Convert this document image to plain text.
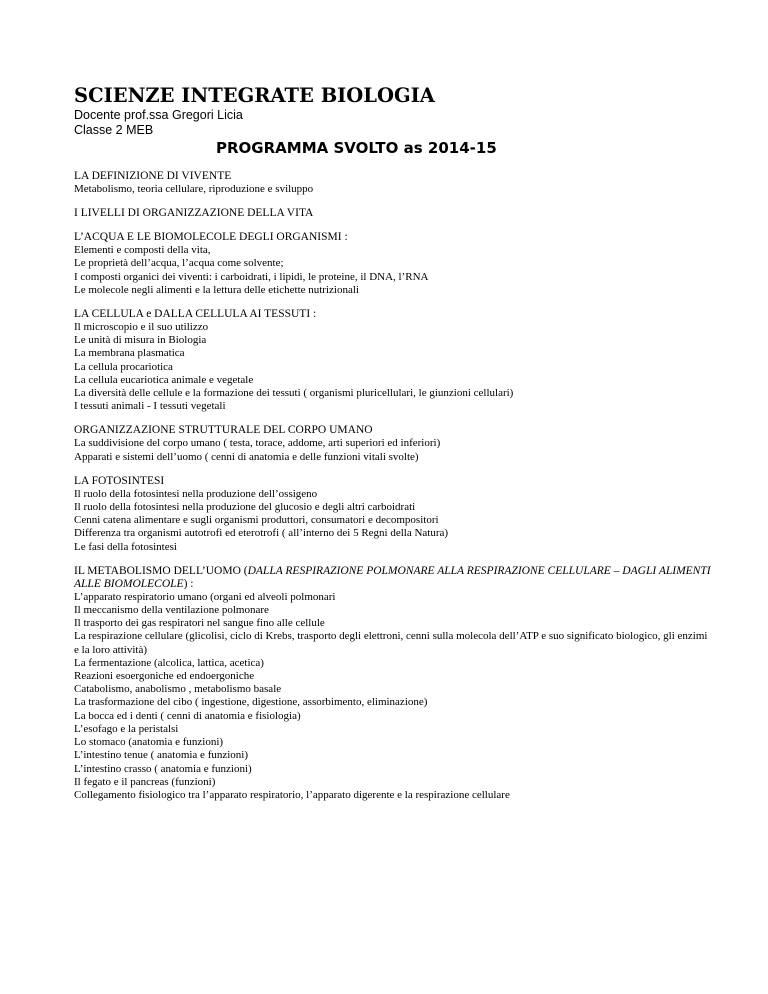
SCIENZE INTEGRATE BIOLOGIA

Docente prof.ssa Gregori Licia

Classe 2 MEB

PROGRAMMA SVOLTO as 2014-15

LA DEFINIZIONE DI VIVENTE

Metabolismo, teoria cellulare, riproduzione e sviluppo

I LIVELLI DI ORGANIZZAZIONE DELLA VITA

L’ACQUA E LE BIOMOLECOLE DEGLI ORGANISMI :

Elementi e composti della vita,

Le proprietà dell’acqua, l’acqua come solvente;

I composti organici dei viventi: i carboidrati, i lipidi, le proteine, il DNA, l’RNA

Le molecole negli alimenti e la lettura delle etichette nutrizionali

LA CELLULA e DALLA CELLULA AI TESSUTI :

Il microscopio e il suo utilizzo

Le unità di misura in Biologia

La membrana plasmatica

La cellula procariotica

La cellula eucariotica animale e vegetale

La diversità delle cellule e la formazione dei tessuti ( organismi pluricellulari, le giunzioni cellulari)

I tessuti animali - I tessuti vegetali

ORGANIZZAZIONE STRUTTURALE DEL CORPO UMANO

La suddivisione del corpo umano ( testa, torace, addome, arti superiori ed inferiori)

Apparati e sistemi dell’uomo ( cenni di anatomia e delle funzioni vitali svolte)

LA FOTOSINTESI

Il ruolo della fotosintesi nella produzione dell’ossigeno

Il ruolo della fotosintesi nella produzione del glucosio e degli altri carboidrati

Cenni catena alimentare e sugli organismi produttori, consumatori e decompositori

Differenza tra organismi autotrofi ed eterotrofi ( all’interno dei 5 Regni della Natura)

Le fasi della fotosintesi

IL METABOLISMO DELL’UOMO (DALLA RESPIRAZIONE POLMONARE ALLA RESPIRAZIONE CELLULARE – DAGLI ALIMENTI ALLE BIOMOLECOLE) :

L’apparato respiratorio umano (organi ed alveoli polmonari

Il meccanismo della ventilazione polmonare

Il trasporto dei gas respiratori nel sangue fino alle cellule

La respirazione cellulare (glicolisi, ciclo di Krebs, trasporto degli elettroni, cenni sulla molecola dell’ATP e suo significato biologico, gli enzimi e la loro attività)

La fermentazione (alcolica, lattica, acetica)

Reazioni esoergoniche ed endoergoniche

Catabolismo, anabolismo , metabolismo basale

La trasformazione del cibo ( ingestione, digestione, assorbimento, eliminazione)

La bocca ed i denti ( cenni di anatomia e fisiologia)

L’esofago e la peristalsi

Lo stomaco (anatomia e funzioni)

L’intestino tenue ( anatomia e funzioni)

L’intestino crasso ( anatomia e funzioni)

Il fegato e il pancreas (funzioni)

Collegamento fisiologico tra l’apparato respiratorio, l’apparato digerente e la respirazione cellulare
